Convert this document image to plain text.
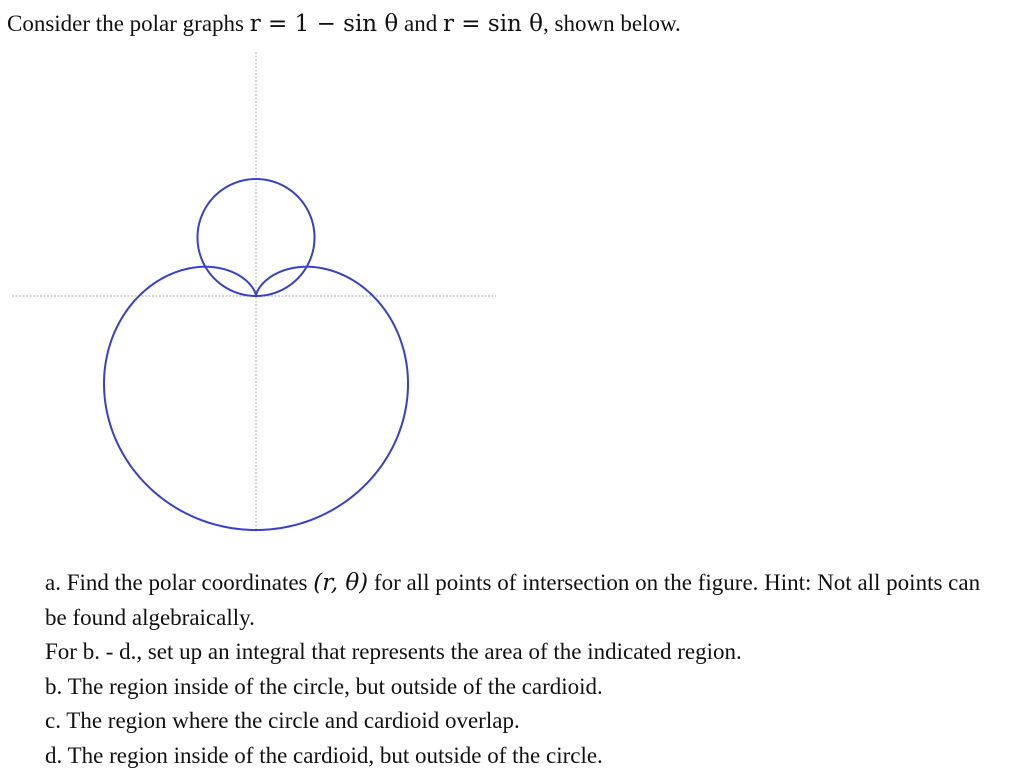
Consider the polar graphs r = 1 − sin θ and r = sin θ, shown below.

a. Find the polar coordinates (r, θ) for all points of intersection on the figure. Hint: Not all points can be found algebraically.

For b. - d., set up an integral that represents the area of the indicated region.

b. The region inside of the circle, but outside of the cardioid.

c. The region where the circle and cardioid overlap.

d. The region inside of the cardioid, but outside of the circle.
